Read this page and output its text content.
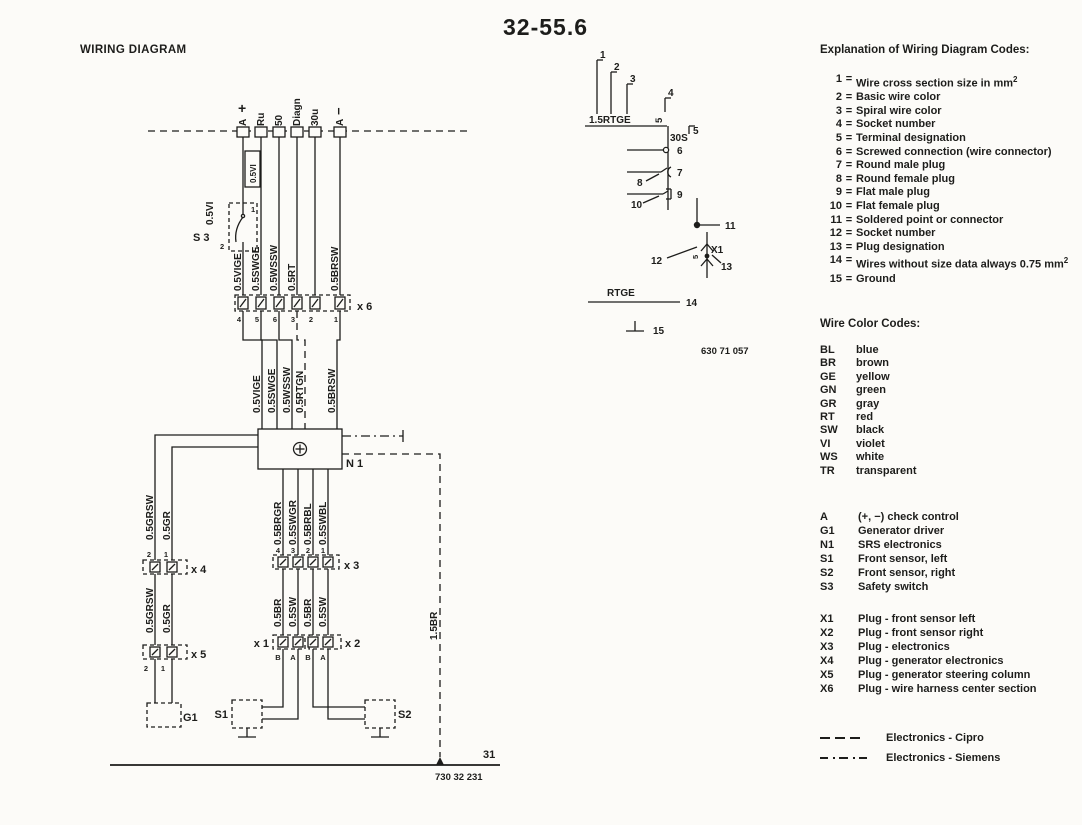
32-55.6
WIRING DIAGRAM
+
A Ru 50 Diagn 30u −
A
0.5VI
0.5VI	1
2
S 3
0.5VIGE 0.5SWGE 0.5WSSW 0.5RT	0.5BRSW
4 5 6 3 2	1
x 6
0.5VIGE 0.5SWGE 0.5WSSW 0.5RTGN 0.5BRSW
N 1
1.5BR
0.5GRSW 0.5GR
2 1
x 4
0.5GRSW 0.5GR
2 1
x 5
G1
0.5BRGR 0.5SWGR 0.5BRBL 0.5SWBL
4 3 2 1
x 3
0.5BR 0.5SW 0.5BR 0.5SW
x 1
B A
x 2
B A
S1	S2
31
730 32 231
1
2
3
1.5RTGE
4
5
5
30S
6
7
8
9
10
11
5
X1
12
13
RTGE
14
15
630 71 057
Explanation of Wiring Diagram Codes:
1 = Wire cross section size in $mm^2$
2 = Basic wire color
3 = Spiral wire color
4 = Socket number
5 = Terminal designation
6 = Screwed connection (wire connector)
7 = Round male plug
8 = Round female plug
9 = Flat male plug
10 = Flat female plug
11 = Soldered point or connector
12 = Socket number
13 = Plug designation
14 = Wires without size data always 0.75 $mm^2$
15 = Ground
Wire Color Codes:
BL	blue
BR	brown
GE	yellow
GN	green
GR	gray
RT	red
SW	black
VI	violet
WS	white
TR	transparent
A	(+, −) check control
G1	Generator driver
N1	SRS electronics
S1	Front sensor, left
S2	Front sensor, right
S3	Safety switch
X1	Plug - front sensor left
X2	Plug - front sensor right
X3	Plug - electronics
X4	Plug - generator electronics
X5	Plug - generator steering column
X6	Plug - wire harness center section
Electronics - Cipro
Electronics - Siemens
